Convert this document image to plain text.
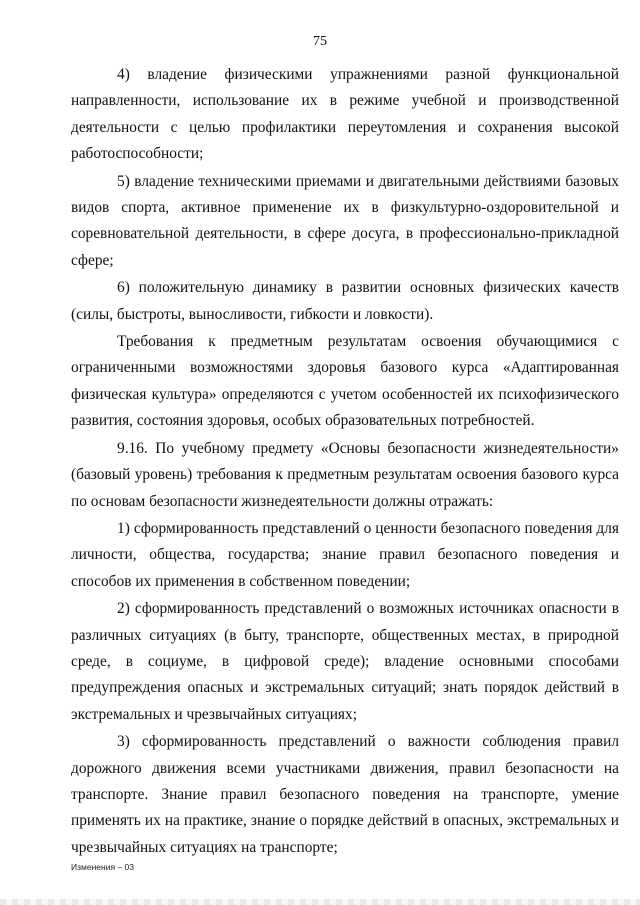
75

4) владение физическими упражнениями разной функциональной направленности, использование их в режиме учебной и производственной деятельности с целью профилактики переутомления и сохранения высокой работоспособности;

5) владение техническими приемами и двигательными действиями базовых видов спорта, активное применение их в физкультурно-оздоровительной и соревновательной деятельности, в сфере досуга, в профессионально-прикладной сфере;

6) положительную динамику в развитии основных физических качеств (силы, быстроты, выносливости, гибкости и ловкости).

Требования к предметным результатам освоения обучающимися с ограниченными возможностями здоровья базового курса «Адаптированная физическая культура» определяются с учетом особенностей их психофизического развития, состояния здоровья, особых образовательных потребностей.

9.16. По учебному предмету «Основы безопасности жизнедеятельности» (базовый уровень) требования к предметным результатам освоения базового курса по основам безопасности жизнедеятельности должны отражать:

1) сформированность представлений о ценности безопасного поведения для личности, общества, государства; знание правил безопасного поведения и способов их применения в собственном поведении;

2) сформированность представлений о возможных источниках опасности в различных ситуациях (в быту, транспорте, общественных местах, в природной среде, в социуме, в цифровой среде); владение основными способами предупреждения опасных и экстремальных ситуаций; знать порядок действий в экстремальных и чрезвычайных ситуациях;

3) сформированность представлений о важности соблюдения правил дорожного движения всеми участниками движения, правил безопасности на транспорте. Знание правил безопасного поведения на транспорте, умение применять их на практике, знание о порядке действий в опасных, экстремальных и чрезвычайных ситуациях на транспорте;

Изменения – 03
